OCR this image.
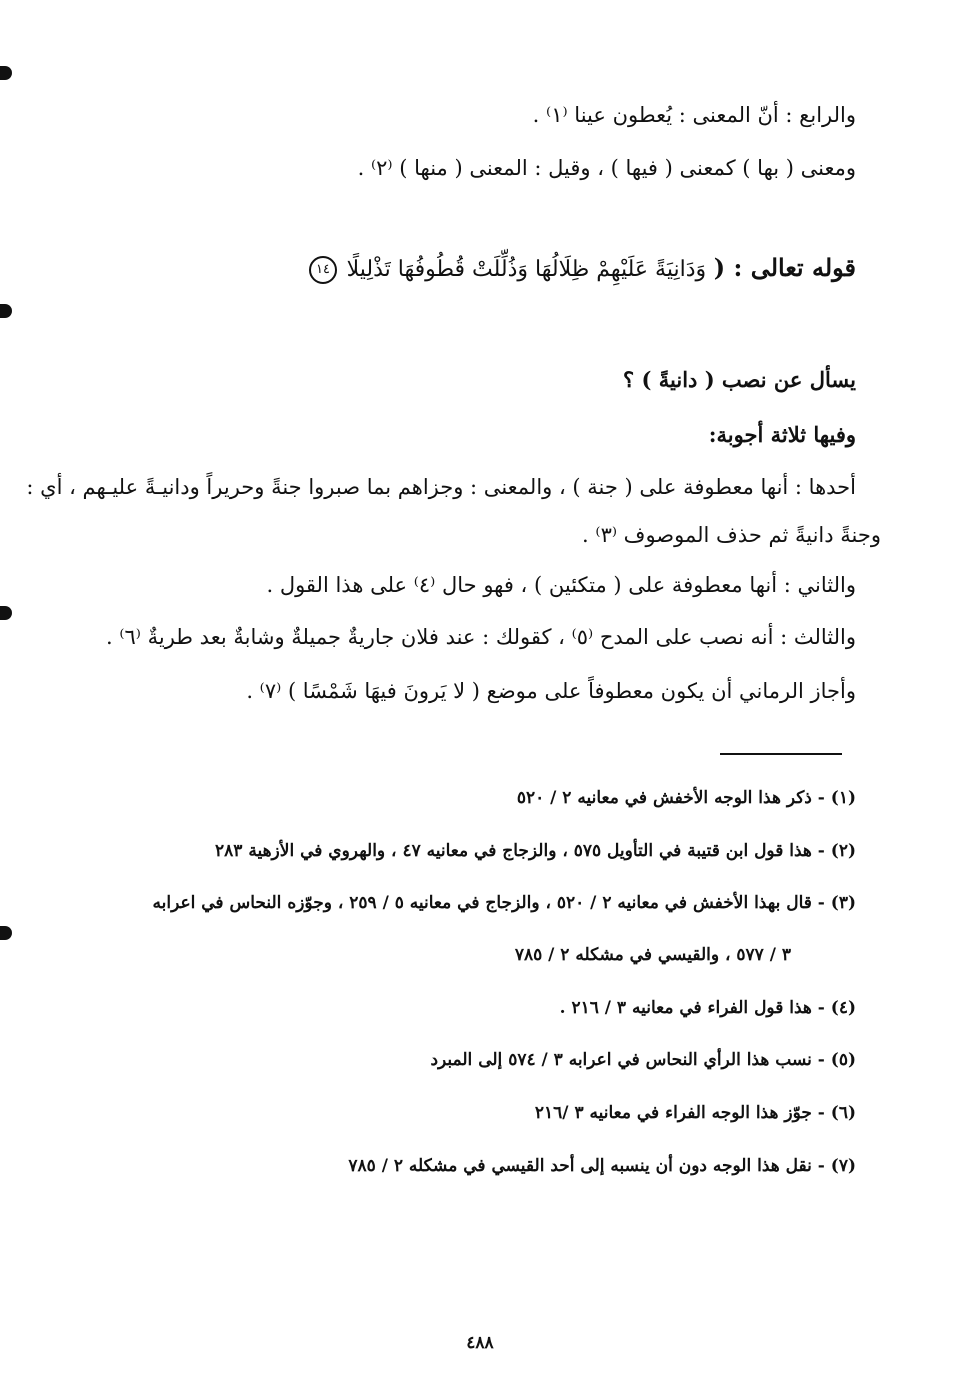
والرابع : أنّ المعنى : يُعطون عينا ⁽١⁾ .
ومعنى ( بها ) كمعنى ( فيها ) ، وقيل : المعنى ( منها ) ⁽٢⁾ .
قوله تعالى : ( وَدَانِيَةً عَلَيْهِمْ ظِلَالُهَا وَذُلِّلَتْ قُطُوفُهَا تَذْلِيلًا ١٤
يسأل عن نصب ( دانيةً ) ؟
وفيها ثلاثة أجوبة:
أحدها : أنها معطوفة على ( جنة ) ، والمعنى : وجزاهم بما صبروا جنةً وحريراً ودانيـةً عليـهم ، أي :
وجنةً دانيةً ثم حذف الموصوف ⁽٣⁾ .
والثاني : أنها معطوفة على ( متكئين ) ، فهو حال ⁽٤⁾ على هذا القول .
والثالث : أنه نصب على المدح ⁽٥⁾ ، كقولك : عند فلان جاريةٌ جميلةٌ وشابةٌ بعد طريةٌ ⁽٦⁾ .
وأجاز الرماني أن يكون معطوفاً على موضع ( لا يَرونَ فيهَا شَمْسًا ) ⁽٧⁾ .
(١) - ذكر هذا الوجه الأخفش في معانيه ٢ / ٥٢٠
(٢) - هذا قول ابن قتيبة في التأويل ٥٧٥ ، والزجاج في معانيه ٤٧ ، والهروي في الأزهية ٢٨٣
(٣) - قال بهذا الأخفش في معانيه ٢ / ٥٢٠ ، والزجاج في معانيه ٥ / ٢٥٩ ، وجوّزه النحاس في اعرابه
٣ / ٥٧٧ ، والقيسي في مشكله ٢ / ٧٨٥
(٤) - هذا قول الفراء في معانيه ٣ / ٢١٦ .
(٥) - نسب هذا الرأي النحاس في اعرابه ٣ / ٥٧٤ إلى المبرد
(٦) - جوّز هذا الوجه الفراء في معانيه ٣ /٢١٦
(٧) - نقل هذا الوجه دون أن ينسبه إلى أحد القيسي في مشكله ٢ / ٧٨٥
٤٨٨
